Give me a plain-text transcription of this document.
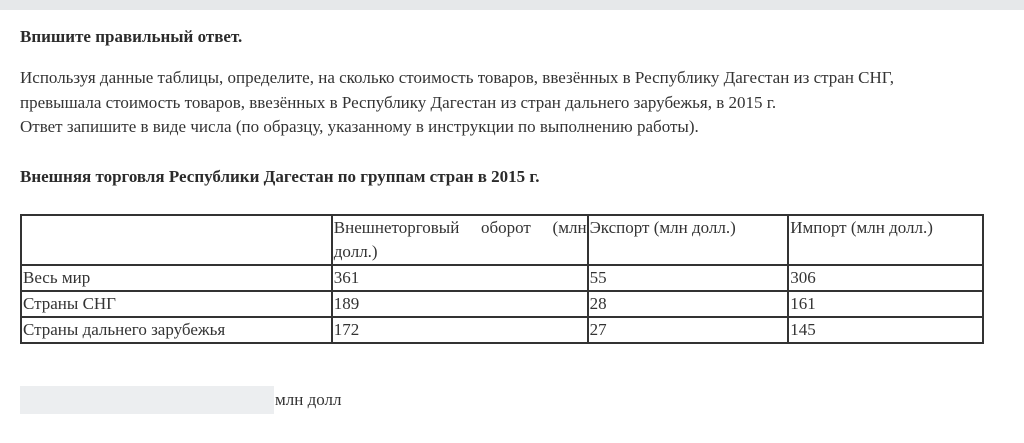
Впишите правильный ответ.

Используя данные таблицы, определите, на сколько стоимость товаров, ввезённых в Республику Дагестан из стран СНГ,
превышала стоимость товаров, ввезённых в Республику Дагестан из стран дальнего зарубежья, в 2015 г.
Ответ запишите в виде числа (по образцу, указанному в инструкции по выполнению работы).

Внешняя торговля Республики Дагестан по группам стран в 2015 г.

	Внешнеторговый оборот (млн долл.)	Экспорт (млн долл.)	Импорт (млн долл.)

Весь мир	361	55	306
Страны СНГ	189	28	161
Страны дальнего зарубежья	172	27	145
млн долл
